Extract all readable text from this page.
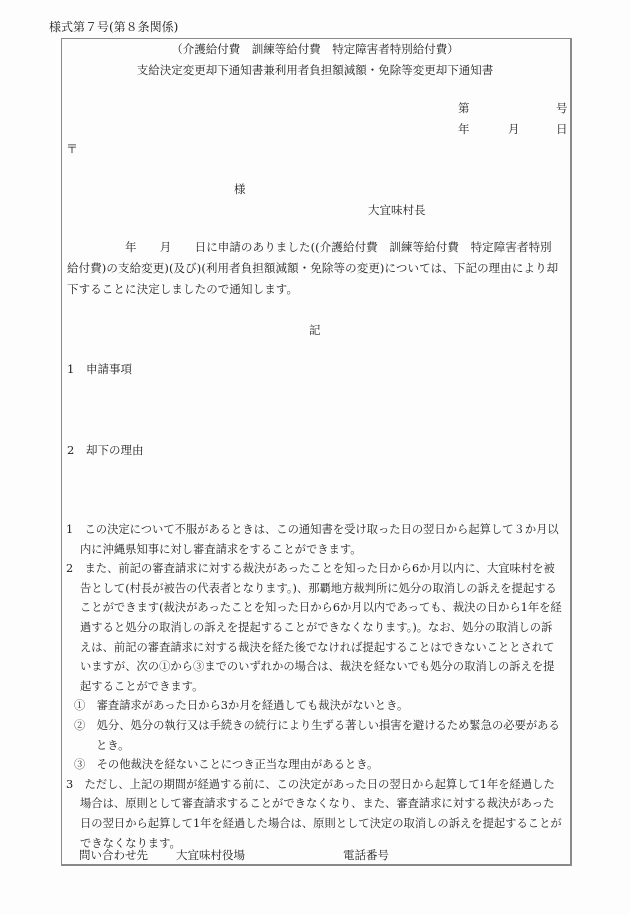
様式第７号(第８条関係)
（介護給付費　訓練等給付費　特定障害者特別給付費）
支給決定変更却下通知書兼利用者負担額減額・免除等変更却下通知書
第	号
年	月	日
〒
様
大宜味村長
　　　　　年　　月　　日に申請のありました((介護給付費　訓練等給付費　特定障害者特別
給付費)の支給変更)(及び)(利用者負担額減額・免除等の変更)については、下記の理由により却
下することに決定しましたので通知します。
記
1 申請事項
2 却下の理由
1　この決定について不服があるときは、この通知書を受け取った日の翌日から起算して３か月以内に沖縄県知事に対し審査請求をすることができます。
2　また、前記の審査請求に対する裁決があったことを知った日から6か月以内に、大宜味村を被告として(村長が被告の代表者となります。)、那覇地方裁判所に処分の取消しの訴えを提起することができます(裁決があったことを知った日から6か月以内であっても、裁決の日から1年を経過すると処分の取消しの訴えを提起することができなくなります。)。なお、処分の取消しの訴えは、前記の審査請求に対する裁決を経た後でなければ提起することはできないこととされていますが、次の①から③までのいずれかの場合は、裁決を経ないでも処分の取消しの訴えを提起することができます。
①　審査請求があった日から3か月を経過しても裁決がないとき。
②　処分、処分の執行又は手続きの続行により生ずる著しい損害を避けるため緊急の必要があるとき。
③　その他裁決を経ないことにつき正当な理由があるとき。
3　ただし、上記の期間が経過する前に、この決定があった日の翌日から起算して1年を経過した場合は、原則として審査請求することができなくなり、また、審査請求に対する裁決があった日の翌日から起算して1年を経過した場合は、原則として決定の取消しの訴えを提起することができなくなります。
問い合わせ先 大宜味村役場	電話番号
